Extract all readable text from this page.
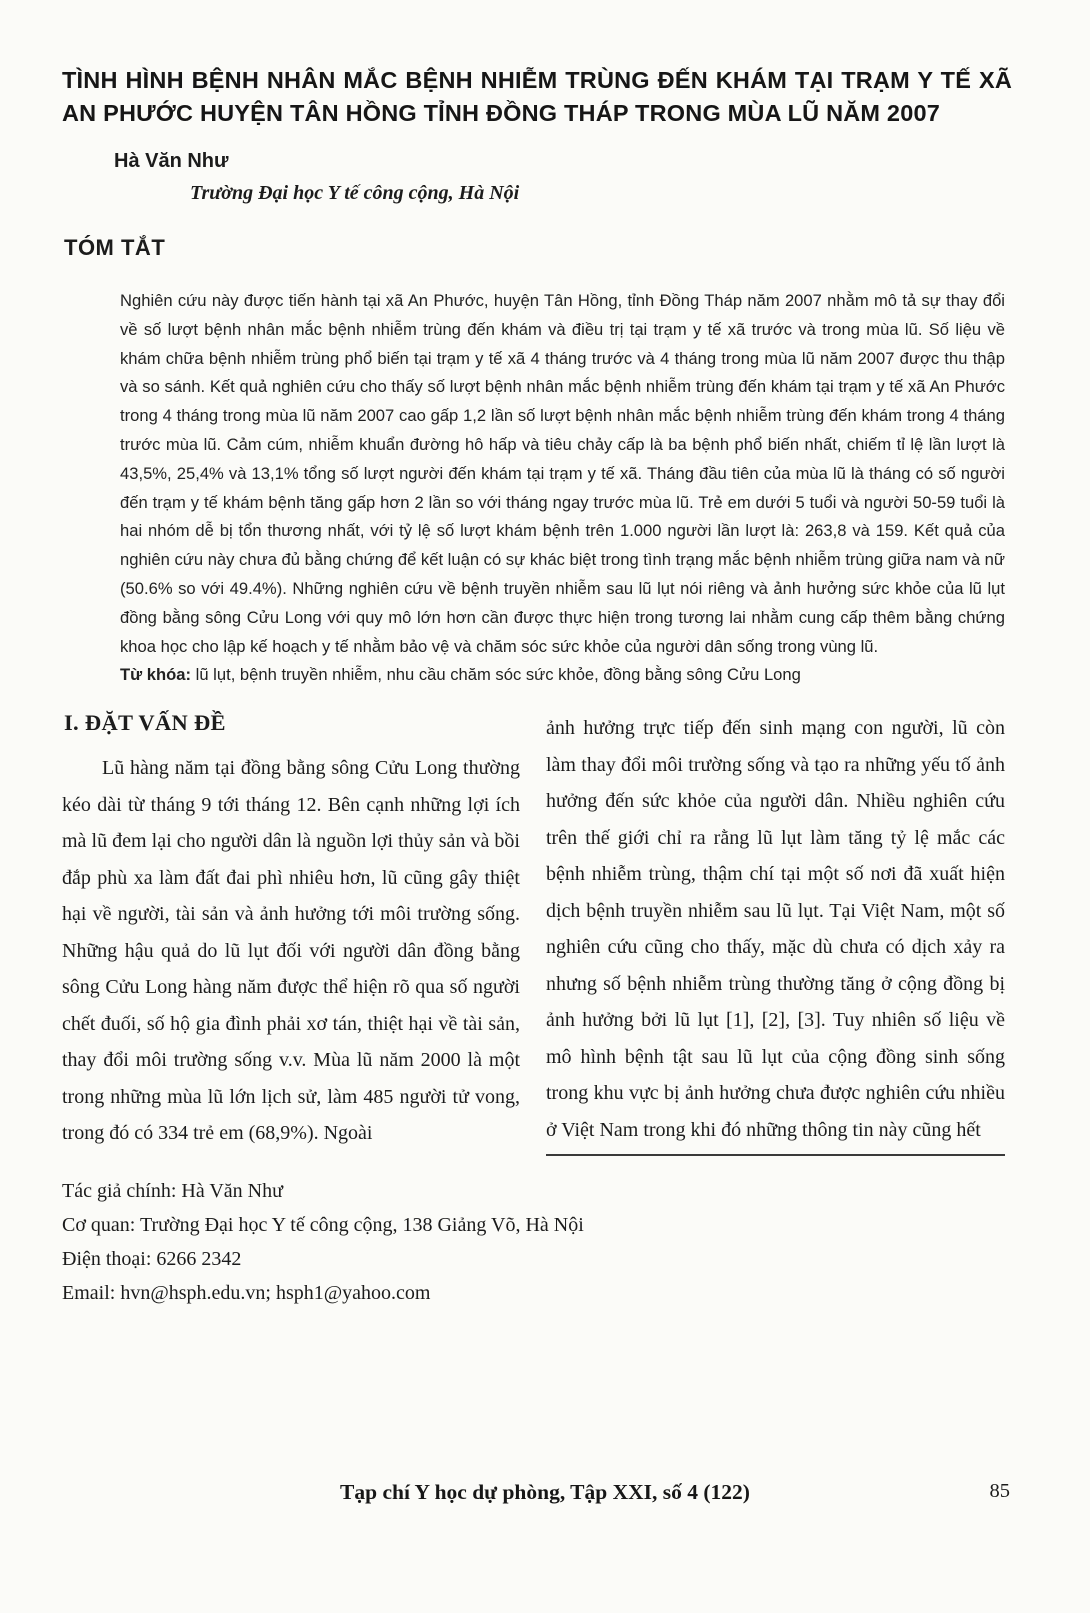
TÌNH HÌNH BỆNH NHÂN MẮC BỆNH NHIỄM TRÙNG ĐẾN KHÁM TẠI TRẠM Y TẾ XÃ AN PHƯỚC HUYỆN TÂN HỒNG TỈNH ĐỒNG THÁP TRONG MÙA LŨ NĂM 2007
Hà Văn Như
Trường Đại học Y tế công cộng, Hà Nội
TÓM TẮT

Nghiên cứu này được tiến hành tại xã An Phước, huyện Tân Hồng, tỉnh Đồng Tháp năm 2007 nhằm mô tả sự thay đổi về số lượt bệnh nhân mắc bệnh nhiễm trùng đến khám và điều trị tại trạm y tế xã trước và trong mùa lũ. Số liệu về khám chữa bệnh nhiễm trùng phổ biến tại trạm y tế xã 4 tháng trước và 4 tháng trong mùa lũ năm 2007 được thu thập và so sánh. Kết quả nghiên cứu cho thấy số lượt bệnh nhân mắc bệnh nhiễm trùng đến khám tại trạm y tế xã An Phước trong 4 tháng trong mùa lũ năm 2007 cao gấp 1,2 lần số lượt bệnh nhân mắc bệnh nhiễm trùng đến khám trong 4 tháng trước mùa lũ. Cảm cúm, nhiễm khuẩn đường hô hấp và tiêu chảy cấp là ba bệnh phổ biến nhất, chiếm tỉ lệ lần lượt là 43,5%, 25,4% và 13,1% tổng số lượt người đến khám tại trạm y tế xã. Tháng đầu tiên của mùa lũ là tháng có số người đến trạm y tế khám bệnh tăng gấp hơn 2 lần so với tháng ngay trước mùa lũ. Trẻ em dưới 5 tuổi và người 50-59 tuổi là hai nhóm dễ bị tổn thương nhất, với tỷ lệ số lượt khám bệnh trên 1.000 người lần lượt là: 263,8 và 159. Kết quả của nghiên cứu này chưa đủ bằng chứng để kết luận có sự khác biệt trong tình trạng mắc bệnh nhiễm trùng giữa nam và nữ (50.6% so với 49.4%). Những nghiên cứu về bệnh truyền nhiễm sau lũ lụt nói riêng và ảnh hưởng sức khỏe của lũ lụt đồng bằng sông Cửu Long với quy mô lớn hơn cần được thực hiện trong tương lai nhằm cung cấp thêm bằng chứng khoa học cho lập kế hoạch y tế nhằm bảo vệ và chăm sóc sức khỏe của người dân sống trong vùng lũ.

Từ khóa: lũ lụt, bệnh truyền nhiễm, nhu cầu chăm sóc sức khỏe, đồng bằng sông Cửu Long

I. ĐẶT VẤN ĐỀ

Lũ hàng năm tại đồng bằng sông Cửu Long thường kéo dài từ tháng 9 tới tháng 12. Bên cạnh những lợi ích mà lũ đem lại cho người dân là nguồn lợi thủy sản và bồi đắp phù xa làm đất đai phì nhiêu hơn, lũ cũng gây thiệt hại về người, tài sản và ảnh hưởng tới môi trường sống. Những hậu quả do lũ lụt đối với người dân đồng bằng sông Cửu Long hàng năm được thể hiện rõ qua số người chết đuối, số hộ gia đình phải xơ tán, thiệt hại về tài sản, thay đổi môi trường sống v.v. Mùa lũ năm 2000 là một trong những mùa lũ lớn lịch sử, làm 485 người tử vong, trong đó có 334 trẻ em (68,9%). Ngoài

ảnh hưởng trực tiếp đến sinh mạng con người, lũ còn làm thay đổi môi trường sống và tạo ra những yếu tố ảnh hưởng đến sức khỏe của người dân. Nhiều nghiên cứu trên thế giới chỉ ra rằng lũ lụt làm tăng tỷ lệ mắc các bệnh nhiễm trùng, thậm chí tại một số nơi đã xuất hiện dịch bệnh truyền nhiễm sau lũ lụt. Tại Việt Nam, một số nghiên cứu cũng cho thấy, mặc dù chưa có dịch xảy ra nhưng số bệnh nhiễm trùng thường tăng ở cộng đồng bị ảnh hưởng bởi lũ lụt [1], [2], [3]. Tuy nhiên số liệu về mô hình bệnh tật sau lũ lụt của cộng đồng sinh sống trong khu vực bị ảnh hưởng chưa được nghiên cứu nhiều ở Việt Nam trong khi đó những thông tin này cũng hết

Tác giả chính: Hà Văn Như
Cơ quan: Trường Đại học Y tế công cộng, 138 Giảng Võ, Hà Nội
Điện thoại: 6266 2342
Email: hvn@hsph.edu.vn; hsph1@yahoo.com
Tạp chí Y học dự phòng, Tập XXI, số 4 (122)	85
